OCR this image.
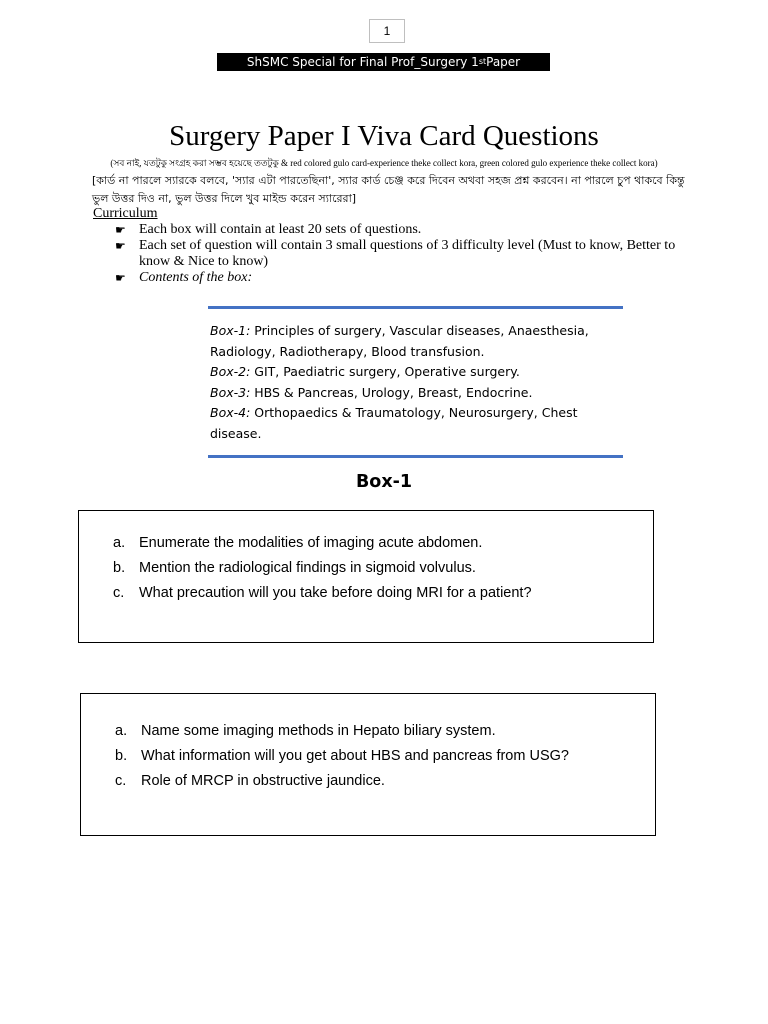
1
ShSMC Special for Final Prof_Surgery 1 st Paper
Surgery Paper I Viva Card Questions
(সব নাই, যতটুকু সংগ্রহ করা সম্ভব হয়েছে ততটুকু & red colored gulo card-experience theke collect kora, green colored gulo experience theke collect kora)
[কার্ড না পারলে স্যারকে বলবে, 'স্যার এটা পারতেছিনা', স্যার কার্ড চেঞ্জ করে দিবেন অথবা সহজ প্রশ্ন করবেন। না পারলে চুপ থাকবে কিন্তু ভুল উত্তর দিও না, ভুল উত্তর দিলে খুব মাইন্ড করেন স্যারেরা]
Curriculum
☛ Each box will contain at least 20 sets of questions.
☛ Each set of question will contain 3 small questions of 3 difficulty level (Must to know, Better to know & Nice to know)
☛ Contents of the box:

Box-1: Principles of surgery, Vascular diseases, Anaesthesia, Radiology, Radiotherapy, Blood transfusion.

Box-2: GIT, Paediatric surgery, Operative surgery.

Box-3: HBS & Pancreas, Urology, Breast, Endocrine.

Box-4: Orthopaedics & Traumatology, Neurosurgery, Chest disease.

Box-1
a. Enumerate the modalities of imaging acute abdomen.
b. Mention the radiological findings in sigmoid volvulus.
c. What precaution will you take before doing MRI for a patient?
a. Name some imaging methods in Hepato biliary system.
b. What information will you get about HBS and pancreas from USG?
c. Role of MRCP in obstructive jaundice.
